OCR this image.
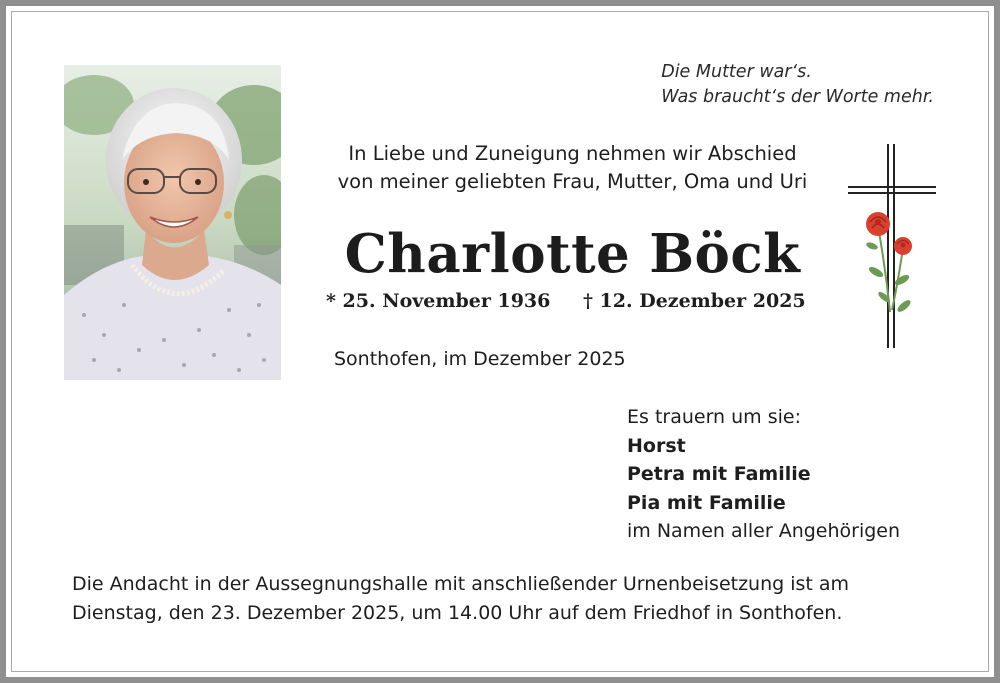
Die Mutter war‘s.
Was braucht‘s der Worte mehr.
In Liebe und Zuneigung nehmen wir Abschied
von meiner geliebten Frau, Mutter, Oma und Uri
Charlotte Böck
* 25. November 1936 † 12. Dezember 2025
Sonthofen, im Dezember 2025
Es trauern um sie:
Horst
Petra mit Familie
Pia mit Familie
im Namen aller Angehörigen
Die Andacht in der Aussegnungshalle mit anschließender Urnenbeisetzung ist am
Dienstag, den 23. Dezember 2025, um 14.00 Uhr auf dem Friedhof in Sonthofen.
